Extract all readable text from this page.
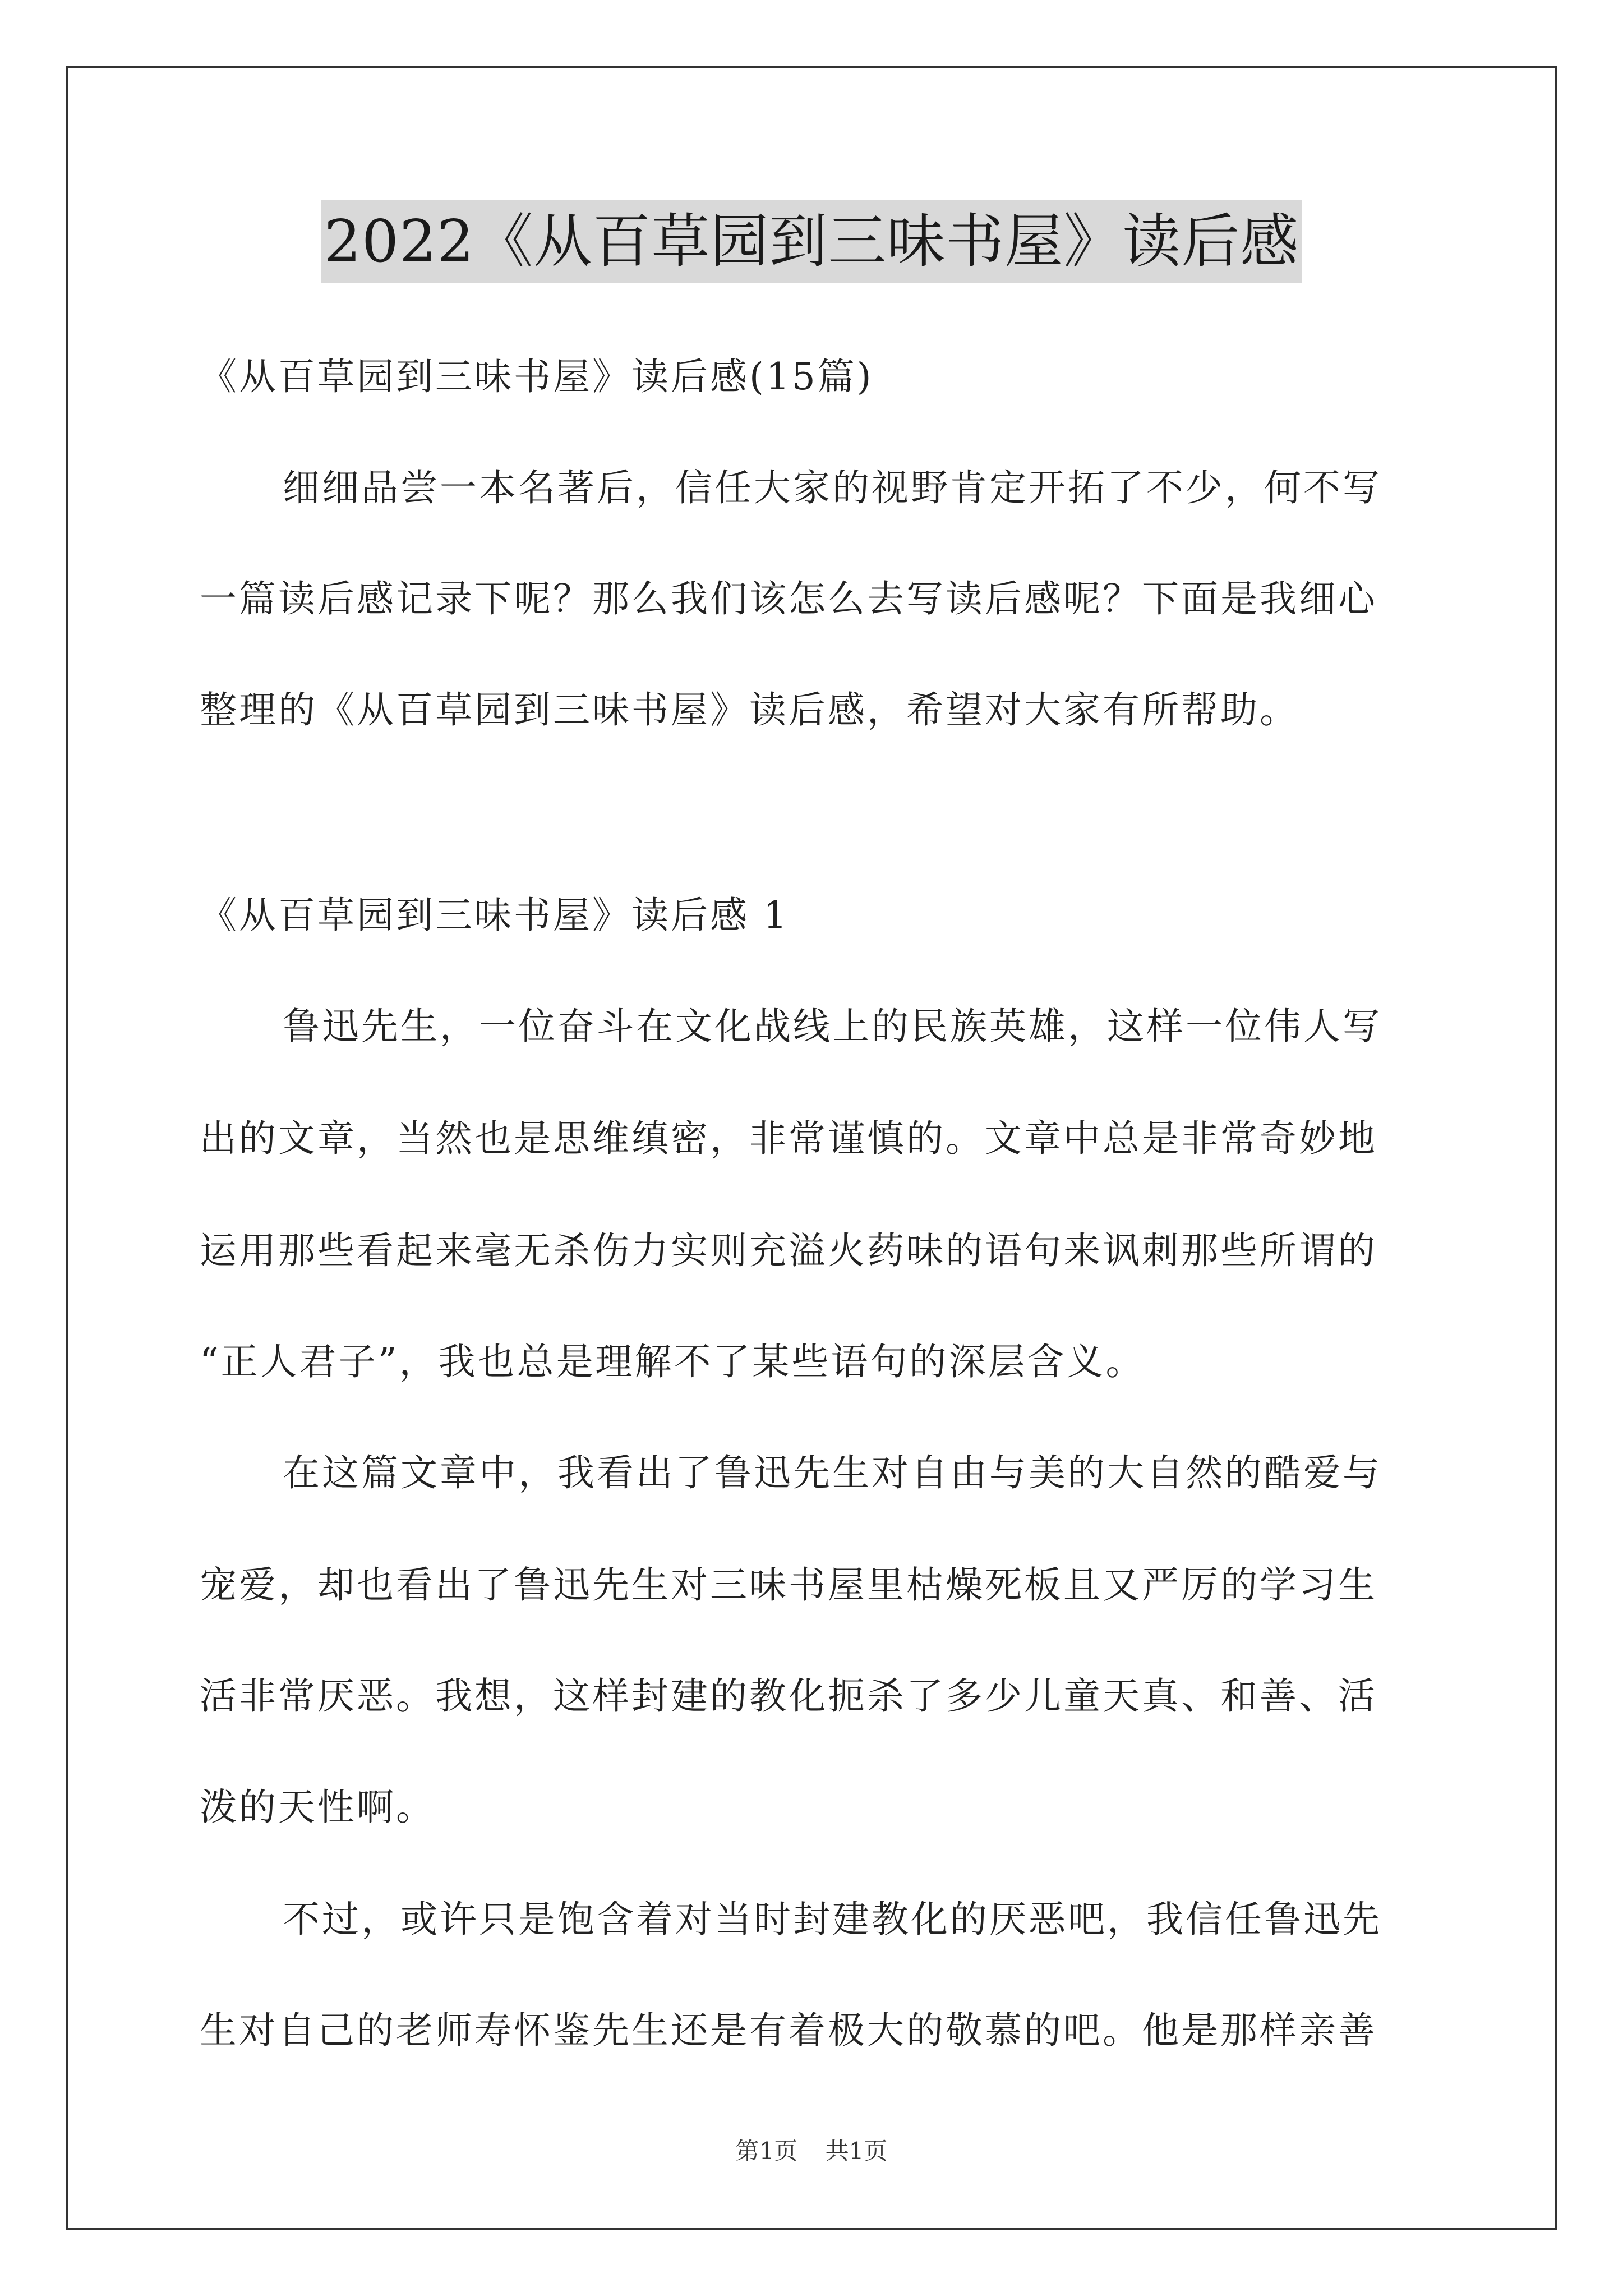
2022《从百草园到三味书屋》读后感
《从百草园到三味书屋》读后感(15篇)
细细品尝一本名著后，信任大家的视野肯定开拓了不少，何不写
一篇读后感记录下呢？那么我们该怎么去写读后感呢？下面是我细心
整理的《从百草园到三味书屋》读后感，希望对大家有所帮助。
《从百草园到三味书屋》读后感 1
鲁迅先生，一位奋斗在文化战线上的民族英雄，这样一位伟人写
出的文章，当然也是思维缜密，非常谨慎的。文章中总是非常奇妙地
运用那些看起来毫无杀伤力实则充溢火药味的语句来讽刺那些所谓的
“正人君子”，我也总是理解不了某些语句的深层含义。
在这篇文章中，我看出了鲁迅先生对自由与美的大自然的酷爱与
宠爱，却也看出了鲁迅先生对三味书屋里枯燥死板且又严厉的学习生
活非常厌恶。我想，这样封建的教化扼杀了多少儿童天真、和善、活
泼的天性啊。
不过，或许只是饱含着对当时封建教化的厌恶吧，我信任鲁迅先
生对自己的老师寿怀鉴先生还是有着极大的敬慕的吧。他是那样亲善
第1页 共1页
